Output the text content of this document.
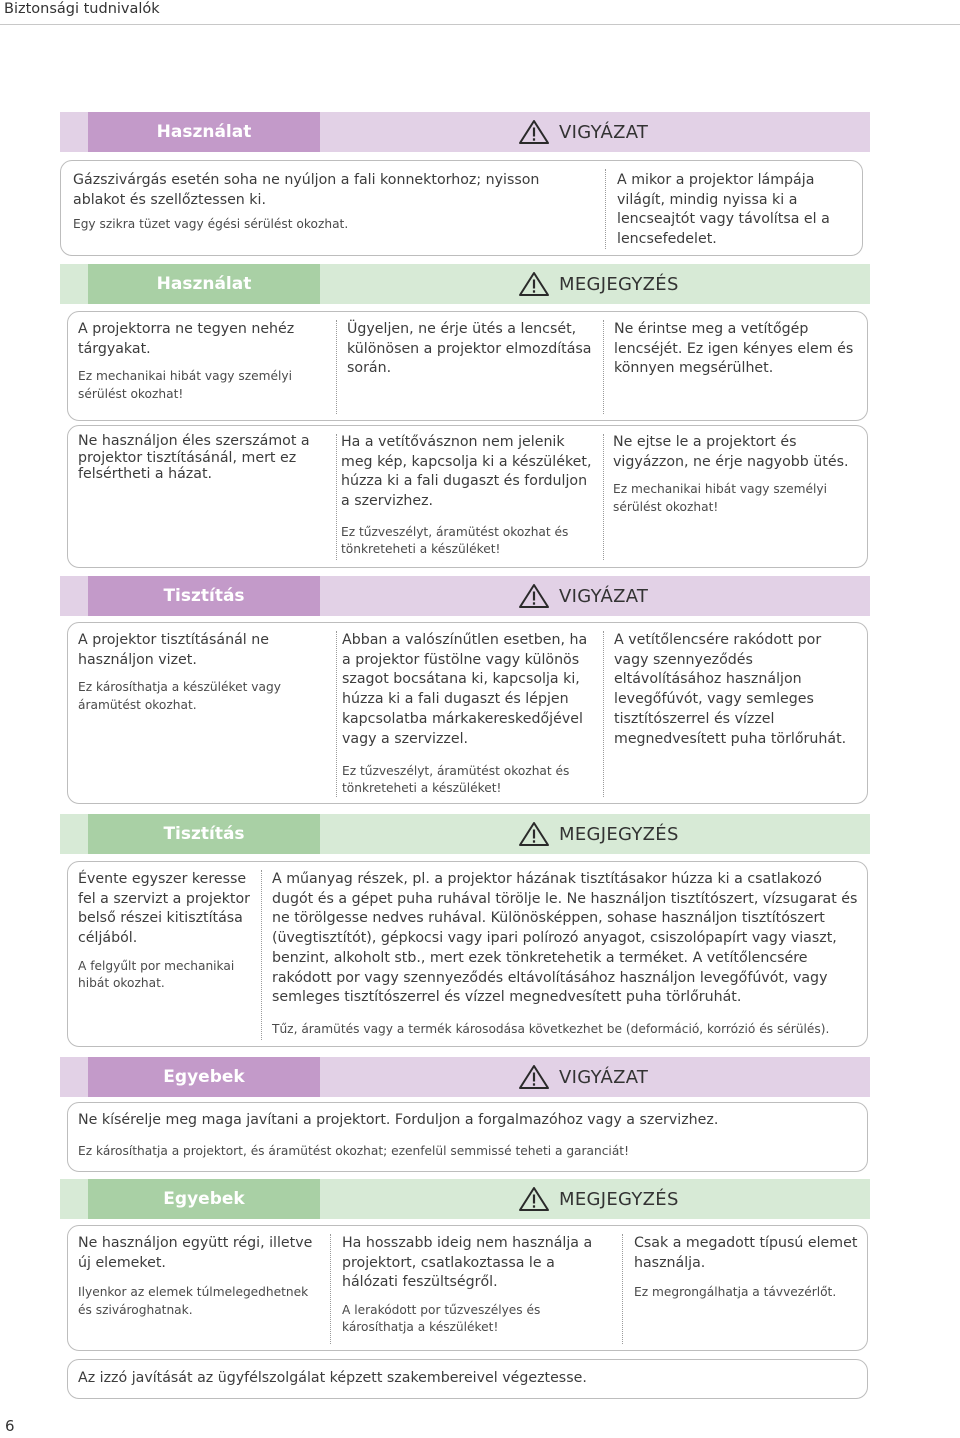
Biztonsági tudnivalók
6
Használat	VIGYÁZAT
Gázszivárgás esetén soha ne nyúljon a fali konnektorhoz; nyisson ablakot és szellőztessen ki.
Egy szikra tüzet vagy égési sérülést okozhat.
A mikor a projektor lámpája világít, mindig nyissa ki a lencseajtót vagy távolítsa el a lencsefedelet.
Használat	MEGJEGYZÉS
A projektorra ne tegyen nehéz tárgyakat.
Ez mechanikai hibát vagy személyi sérülést okozhat!
Ügyeljen, ne érje ütés a lencsét, különösen a projektor elmozdítása során.
Ne érintse meg a vetítőgép lencséjét. Ez igen kényes elem és könnyen megsérülhet.
Ne használjon éles szerszámot a projektor tisztításánál, mert ez felsértheti a házat.
Ha a vetítővásznon nem jelenik meg kép, kapcsolja ki a készüléket, húzza ki a fali dugaszt és forduljon a szervizhez.
Ez tűzveszélyt, áramütést okozhat és tönkreteheti a készüléket!
Ne ejtse le a projektort és vigyázzon, ne érje nagyobb ütés.
Ez mechanikai hibát vagy személyi sérülést okozhat!
Tisztítás	VIGYÁZAT
A projektor tisztításánál ne használjon vizet.
Ez károsíthatja a készüléket vagy áramütést okozhat.
Abban a valószínűtlen esetben, ha a projektor füstölne vagy különös szagot bocsátana ki, kapcsolja ki, húzza ki a fali dugaszt és lépjen kapcsolatba márkakereskedőjével vagy a szervizzel.
Ez tűzveszélyt, áramütést okozhat és tönkreteheti a készüléket!
A vetítőlencsére rakódott por vagy szennyeződés eltávolításához használjon levegőfúvót, vagy semleges tisztítószerrel és vízzel megnedvesített puha törlőruhát.
Tisztítás	MEGJEGYZÉS
Évente egyszer keresse fel a szervizt a projektor belső részei kitisztítása céljából.
A felgyűlt por mechanikai hibát okozhat.
A műanyag részek, pl. a projektor házának tisztításakor húzza ki a csatlakozó dugót és a gépet puha ruhával törölje le. Ne használjon tisztítószert, vízsugarat és ne törölgesse nedves ruhával. Különösképpen, sohase használjon tisztítószert (üvegtisztítót), gépkocsi vagy ipari polírozó anyagot, csiszolópapírt vagy viaszt, benzint, alkoholt stb., mert ezek tönkretehetik a terméket. A vetítőlencsére rakódott por vagy szennyeződés eltávolításához használjon levegőfúvót, vagy semleges tisztítószerrel és vízzel megnedvesített puha törlőruhát.
Tűz, áramütés vagy a termék károsodása következhet be (deformáció, korrózió és sérülés).
Egyebek	VIGYÁZAT
Ne kísérelje meg maga javítani a projektort. Forduljon a forgalmazóhoz vagy a szervizhez.
Ez károsíthatja a projektort, és áramütést okozhat; ezenfelül semmissé teheti a garanciát!
Egyebek	MEGJEGYZÉS
Ne használjon együtt régi, illetve új elemeket.
Ilyenkor az elemek túlmelegedhetnek és szivároghatnak.
Ha hosszabb ideig nem használja a projektort, csatlakoztassa le a hálózati feszültségről.
A lerakódott por tűzveszélyes és károsíthatja a készüléket!
Csak a megadott típusú elemet használja.
Ez megrongálhatja a távvezérlőt.
Az izzó javítását az ügyfélszolgálat képzett szakembereivel végeztesse.
